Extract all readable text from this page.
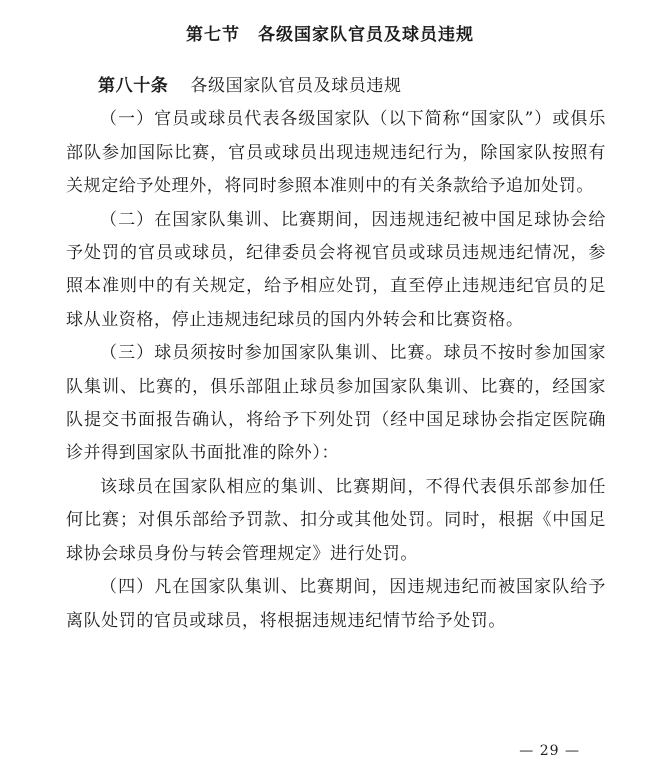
第七节　各级国家队官员及球员违规

第八十条 各级国家队官员及球员违规

（一）官员或球员代表各级国家队（以下简称“国家队”）或俱乐部队参加国际比赛，官员或球员出现违规违纪行为，除国家队按照有关规定给予处理外，将同时参照本准则中的有关条款给予追加处罚。

（二）在国家队集训、比赛期间，因违规违纪被中国足球协会给予处罚的官员或球员，纪律委员会将视官员或球员违规违纪情况，参照本准则中的有关规定，给予相应处罚，直至停止违规违纪官员的足球从业资格，停止违规违纪球员的国内外转会和比赛资格。

（三）球员须按时参加国家队集训、比赛。球员不按时参加国家队集训、比赛的，俱乐部阻止球员参加国家队集训、比赛的，经国家队提交书面报告确认，将给予下列处罚（经中国足球协会指定医院确诊并得到国家队书面批准的除外）：

该球员在国家队相应的集训、比赛期间，不得代表俱乐部参加任何比赛；对俱乐部给予罚款、扣分或其他处罚。同时，根据《中国足球协会球员身份与转会管理规定》进行处罚。

（四）凡在国家队集训、比赛期间，因违规违纪而被国家队给予离队处罚的官员或球员，将根据违规违纪情节给予处罚。

— 29 —
